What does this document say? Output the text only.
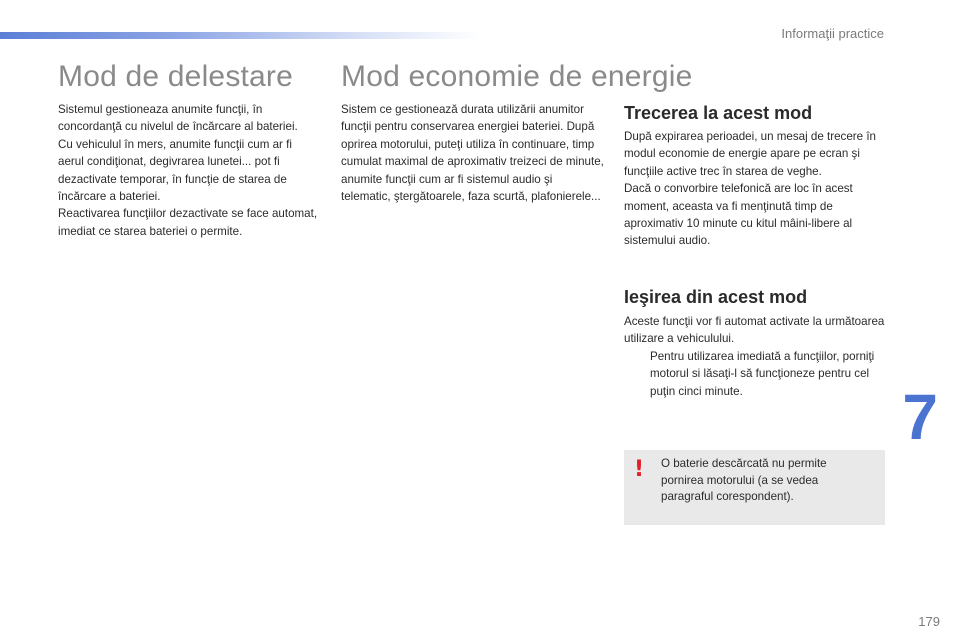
Informaţii practice
Mod de delestare
Sistemul gestioneaza anumite funcţii, în concordanţă cu nivelul de încărcare al bateriei.
Cu vehiculul în mers, anumite funcţii cum ar fi aerul condiţionat, degivrarea lunetei... pot fi dezactivate temporar, în funcţie de starea de încărcare a bateriei.
Reactivarea funcţiilor dezactivate se face automat, imediat ce starea bateriei o permite.
Mod economie de energie
Sistem ce gestionează durata utilizării anumitor funcţii pentru conservarea energiei bateriei. După oprirea motorului, puteţi utiliza în continuare, timp cumulat maximal de aproximativ treizeci de minute, anumite funcţii cum ar fi sistemul audio şi telematic, ştergătoarele, faza scurtă, plafonierele...
Trecerea la acest mod
După expirarea perioadei, un mesaj de trecere în modul economie de energie apare pe ecran şi funcţiile active trec în starea de veghe.
Dacă o convorbire telefonică are loc în acest moment, aceasta va fi menţinută timp de aproximativ 10 minute cu kitul mâini-libere al sistemului audio.
Ieşirea din acest mod
Aceste funcţii vor fi automat activate la următoarea utilizare a vehiculului.
Pentru utilizarea imediată a funcţiilor, porniţi motorul si lăsaţi-l să funcţioneze pentru cel puţin cinci minute.	7
! O baterie descărcată nu permite pornirea motorului (a se vedea paragraful corespondent).

179
